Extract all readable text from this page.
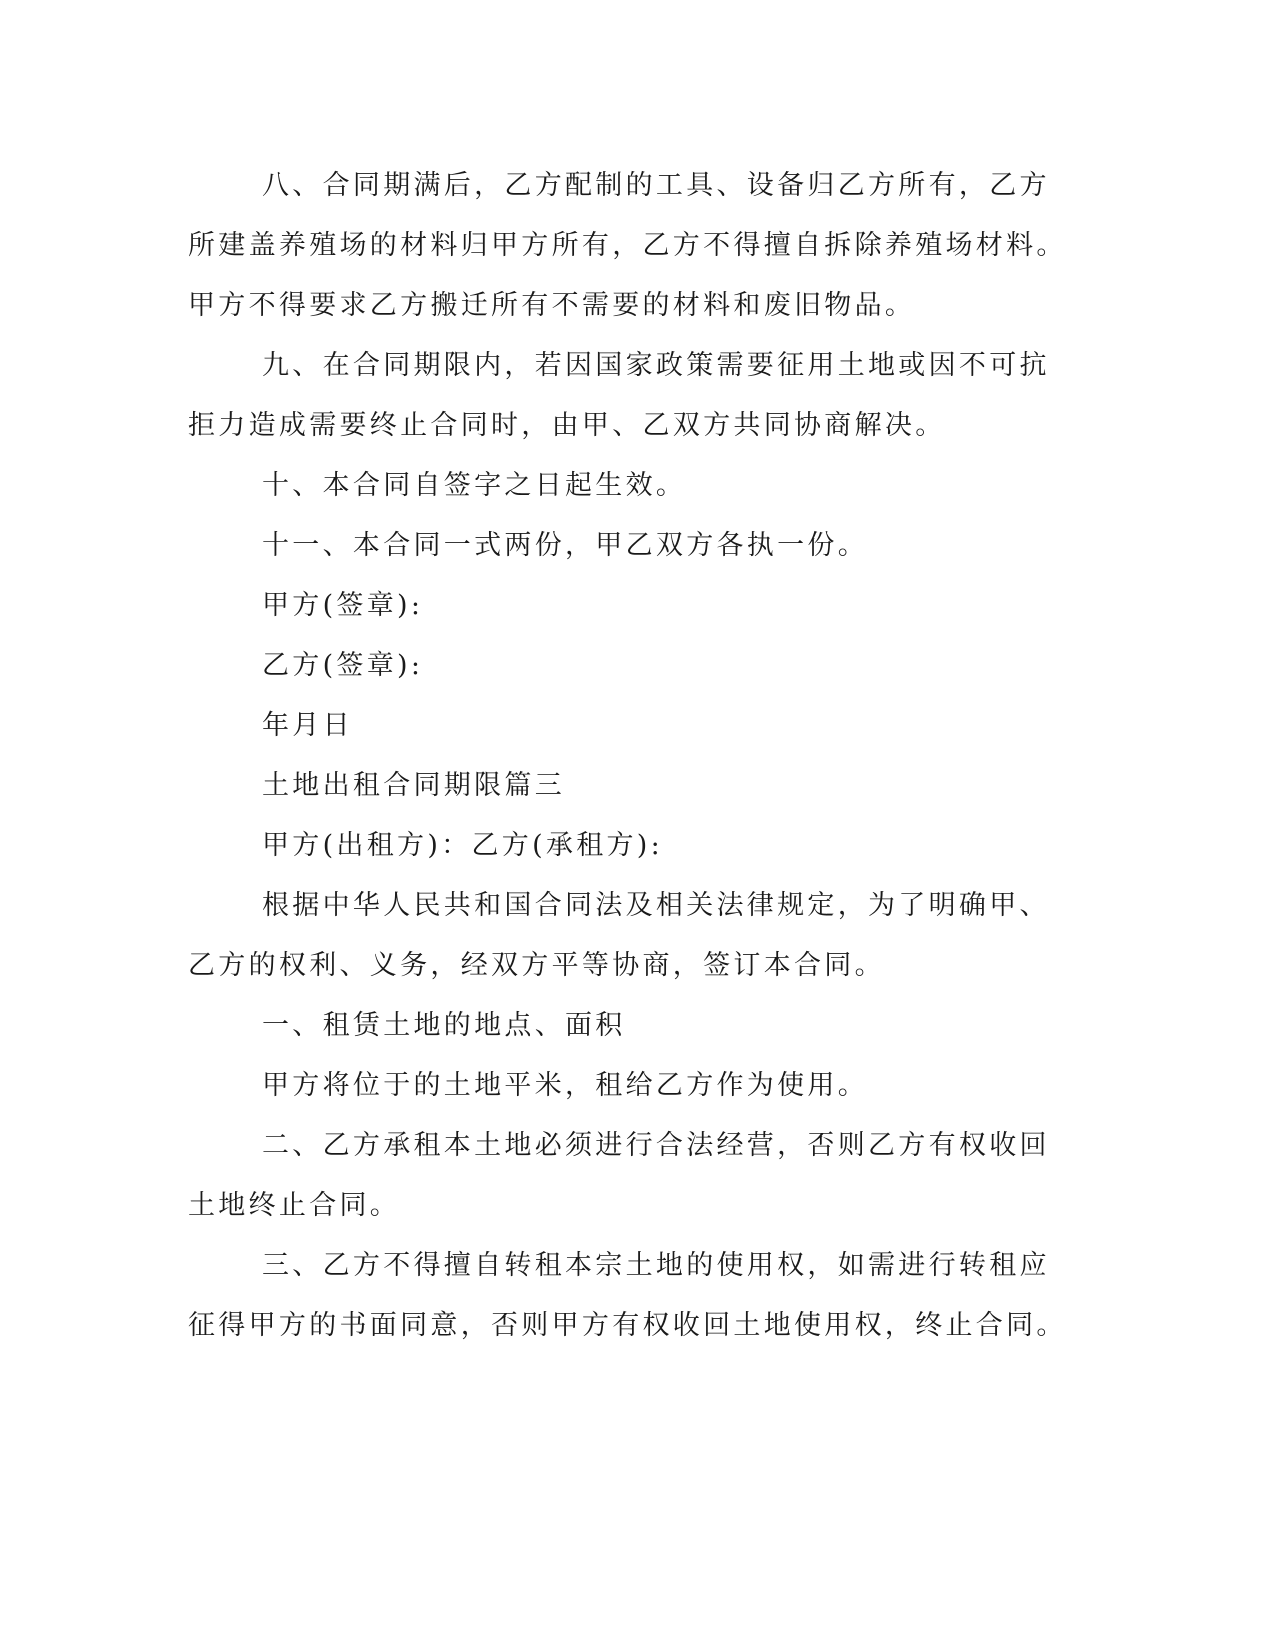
八、合同期满后，乙方配制的工具、设备归乙方所有，乙方所建盖养殖场的材料归甲方所有，乙方不得擅自拆除养殖场材料。甲方不得要求乙方搬迁所有不需要的材料和废旧物品。

九、在合同期限内，若因国家政策需要征用土地或因不可抗拒力造成需要终止合同时，由甲、乙双方共同协商解决。

十、本合同自签字之日起生效。

十一、本合同一式两份，甲乙双方各执一份。

甲方(签章):

乙方(签章):

年月日

土地出租合同期限篇三

甲方(出租方)：乙方(承租方):

根据中华人民共和国合同法及相关法律规定，为了明确甲、乙方的权利、义务，经双方平等协商，签订本合同。

一、租赁土地的地点、面积

甲方将位于的土地平米，租给乙方作为使用。

二、乙方承租本土地必须进行合法经营，否则乙方有权收回土地终止合同。

三、乙方不得擅自转租本宗土地的使用权，如需进行转租应征得甲方的书面同意，否则甲方有权收回土地使用权，终止合同。
